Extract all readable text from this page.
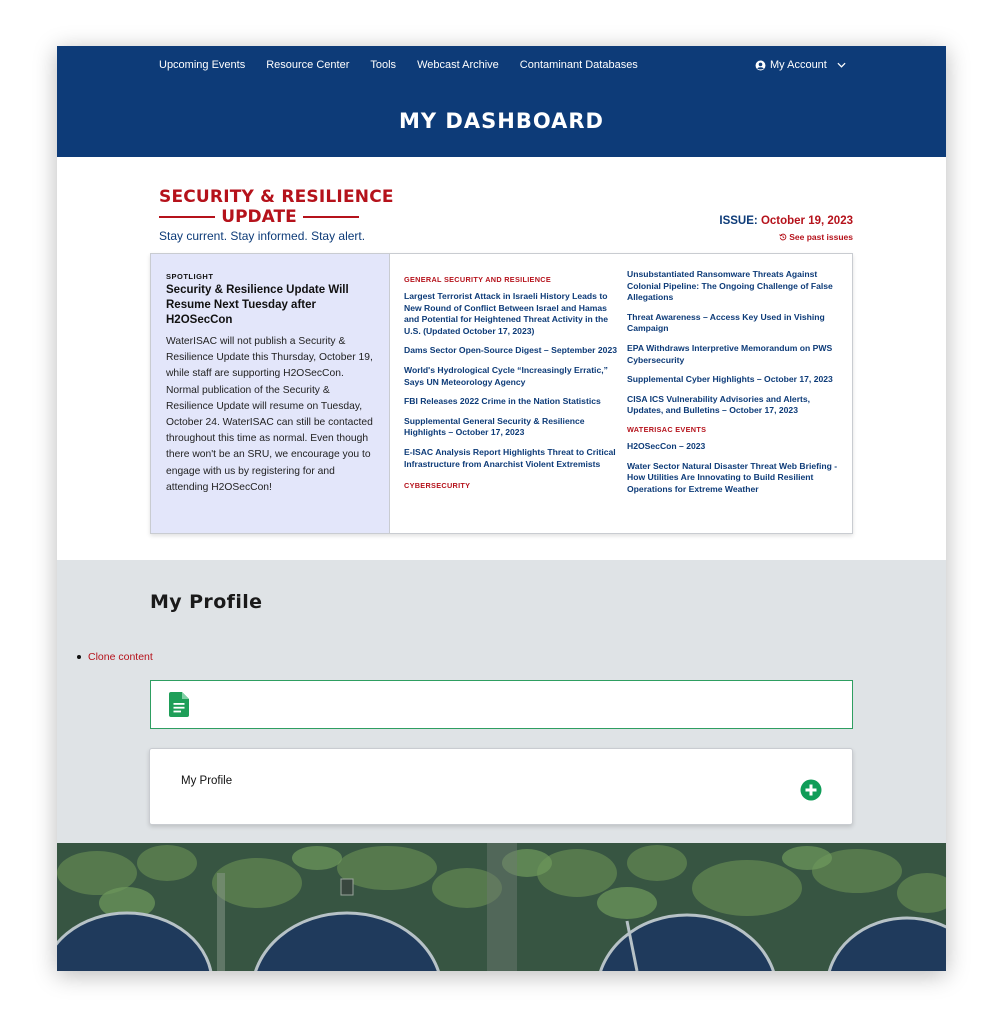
Upcoming Events Resource Center Tools Webcast Archive Contaminant Databases	My Account
MY DASHBOARD
SECURITY & RESILIENCE
UPDATE
Stay current. Stay informed. Stay alert.
ISSUE: October 19, 2023
See past issues
SPOTLIGHT
Security & Resilience Update Will Resume Next Tuesday after H2OSecCon
WaterISAC will not publish a Security & Resilience Update this Thursday, October 19, while staff are supporting H2OSecCon. Normal publication of the Security & Resilience Update will resume on Tuesday, October 24. WaterISAC can still be contacted throughout this time as normal. Even though there won't be an SRU, we encourage you to engage with us by registering for and attending H2OSecCon!
GENERAL SECURITY AND RESILIENCE
Largest Terrorist Attack in Israeli History Leads to New Round of Conflict Between Israel and Hamas and Potential for Heightened Threat Activity in the U.S. (Updated October 17, 2023)
Dams Sector Open-Source Digest – September 2023
World's Hydrological Cycle “Increasingly Erratic,” Says UN Meteorology Agency
FBI Releases 2022 Crime in the Nation Statistics
Supplemental General Security & Resilience Highlights – October 17, 2023
E-ISAC Analysis Report Highlights Threat to Critical Infrastructure from Anarchist Violent Extremists
CYBERSECURITY
Unsubstantiated Ransomware Threats Against Colonial Pipeline: The Ongoing Challenge of False Allegations
Threat Awareness – Access Key Used in Vishing Campaign
EPA Withdraws Interpretive Memorandum on PWS Cybersecurity
Supplemental Cyber Highlights – October 17, 2023
CISA ICS Vulnerability Advisories and Alerts, Updates, and Bulletins – October 17, 2023
WATERISAC EVENTS
H2OSecCon – 2023
Water Sector Natural Disaster Threat Web Briefing - How Utilities Are Innovating to Build Resilient Operations for Extreme Weather
My Profile
Clone content
My Profile
